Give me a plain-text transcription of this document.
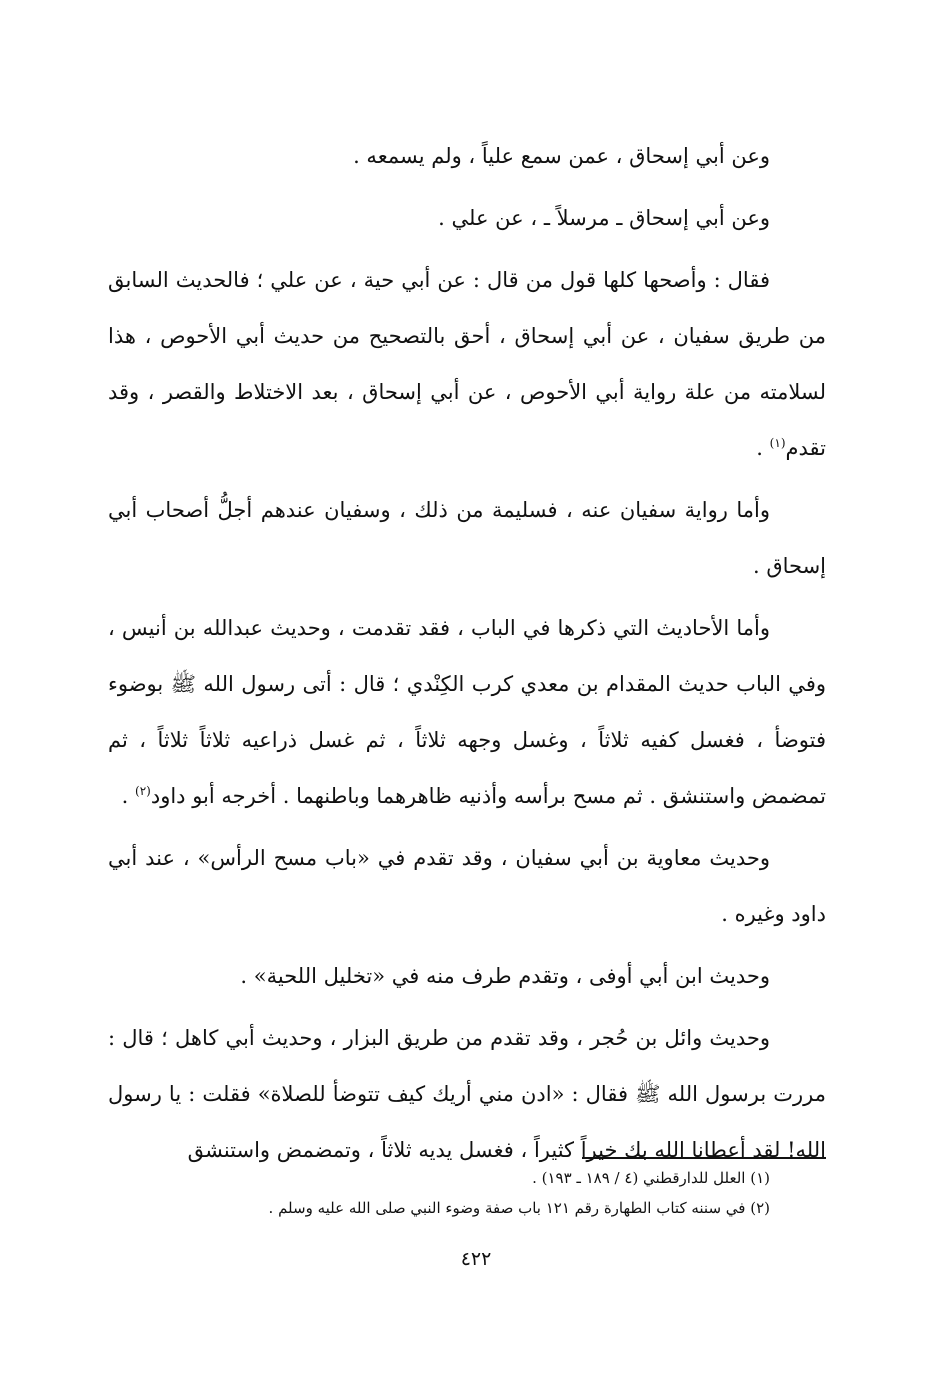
وعن أبي إسحاق ، عمن سمع علياً ، ولم يسمعه .

وعن أبي إسحاق ـ مرسلاً ـ ، عن علي .

فقال : وأصحها كلها قول من قال : عن أبي حية ، عن علي ؛ فالحديث السابق من طريق سفيان ، عن أبي إسحاق ، أحق بالتصحيح من حديث أبي الأحوص ، هذا لسلامته من علة رواية أبي الأحوص ، عن أبي إسحاق ، بعد الاختلاط والقصر ، وقد تقدم$^{(١)}$ .

وأما رواية سفيان عنه ، فسليمة من ذلك ، وسفيان عندهم أجلُّ أصحاب أبي إسحاق .

وأما الأحاديث التي ذكرها في الباب ، فقد تقدمت ، وحديث عبدالله بن أنيس ، وفي الباب حديث المقدام بن معدي كرب الكِنْدي ؛ قال : أتى رسول الله ﷺ بوضوء فتوضأ ، فغسل كفيه ثلاثاً ، وغسل وجهه ثلاثاً ، ثم غسل ذراعيه ثلاثاً ثلاثاً ، ثم تمضمض واستنشق . ثم مسح برأسه وأذنيه ظاهرهما وباطنهما . أخرجه أبو داود$^{(٢)}$ .

وحديث معاوية بن أبي سفيان ، وقد تقدم في «باب مسح الرأس» ، عند أبي داود وغيره .

وحديث ابن أبي أوفى ، وتقدم طرف منه في «تخليل اللحية» .

وحديث وائل بن حُجر ، وقد تقدم من طريق البزار ، وحديث أبي كاهل ؛ قال : مررت برسول الله ﷺ فقال : «ادن مني أريك كيف تتوضأ للصلاة» فقلت : يا رسول الله! لقد أعطانا الله بك خيراً كثيراً ، فغسل يديه ثلاثاً ، وتمضمض واستنشق

(١) العلل للدارقطني (٤ / ١٨٩ ـ ١٩٣) .

(٢) في سننه كتاب الطهارة رقم ١٢١ باب صفة وضوء النبي صلى الله عليه وسلم .

٤٢٢
